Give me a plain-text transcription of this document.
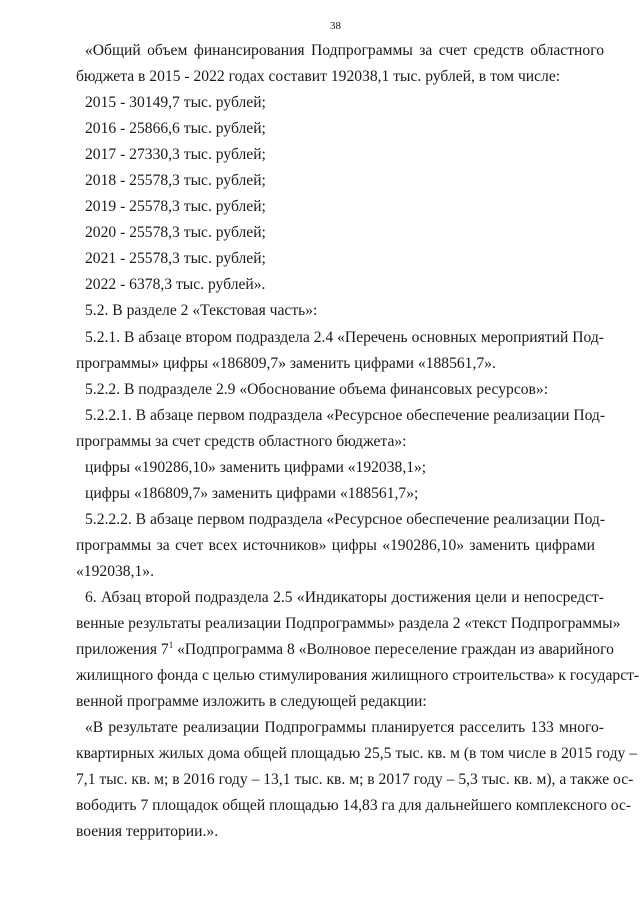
38
«Общий объем финансирования Подпрограммы за счет средств областного
бюджета в 2015 - 2022 годах составит 192038,1 тыс. рублей, в том числе:
2015 - 30149,7 тыс. рублей;
2016 - 25866,6 тыс. рублей;
2017 - 27330,3 тыс. рублей;
2018 - 25578,3 тыс. рублей;
2019 - 25578,3 тыс. рублей;
2020 - 25578,3 тыс. рублей;
2021 - 25578,3 тыс. рублей;
2022 - 6378,3 тыс. рублей».
5.2. В разделе 2 «Текстовая часть»:
5.2.1. В абзаце втором подраздела 2.4 «Перечень основных мероприятий Под-
программы» цифры «186809,7» заменить цифрами «188561,7».
5.2.2. В подразделе 2.9 «Обоснование объема финансовых ресурсов»:
5.2.2.1. В абзаце первом подраздела «Ресурсное обеспечение реализации Под-
программы за счет средств областного бюджета»:
цифры «190286,10» заменить цифрами «192038,1»;
цифры «186809,7» заменить цифрами «188561,7»;
5.2.2.2. В абзаце первом подраздела «Ресурсное обеспечение реализации Под-
программы за счет всех источников» цифры «190286,10» заменить цифрами
«192038,1».
6. Абзац второй подраздела 2.5 «Индикаторы достижения цели и непосредст-
венные результаты реализации Подпрограммы» раздела 2 «текст Подпрограммы»
приложения $7^1$ «Подпрограмма 8 «Волновое переселение граждан из аварийного
жилищного фонда с целью стимулирования жилищного строительства» к государст-
венной программе изложить в следующей редакции:
«В результате реализации Подпрограммы планируется расселить 133 много-
квартирных жилых дома общей площадью 25,5 тыс. кв. м (в том числе в 2015 году –
7,1 тыс. кв. м; в 2016 году – 13,1 тыс. кв. м; в 2017 году – 5,3 тыс. кв. м), а также ос-
вободить 7 площадок общей площадью 14,83 га для дальнейшего комплексного ос-
воения территории.».
